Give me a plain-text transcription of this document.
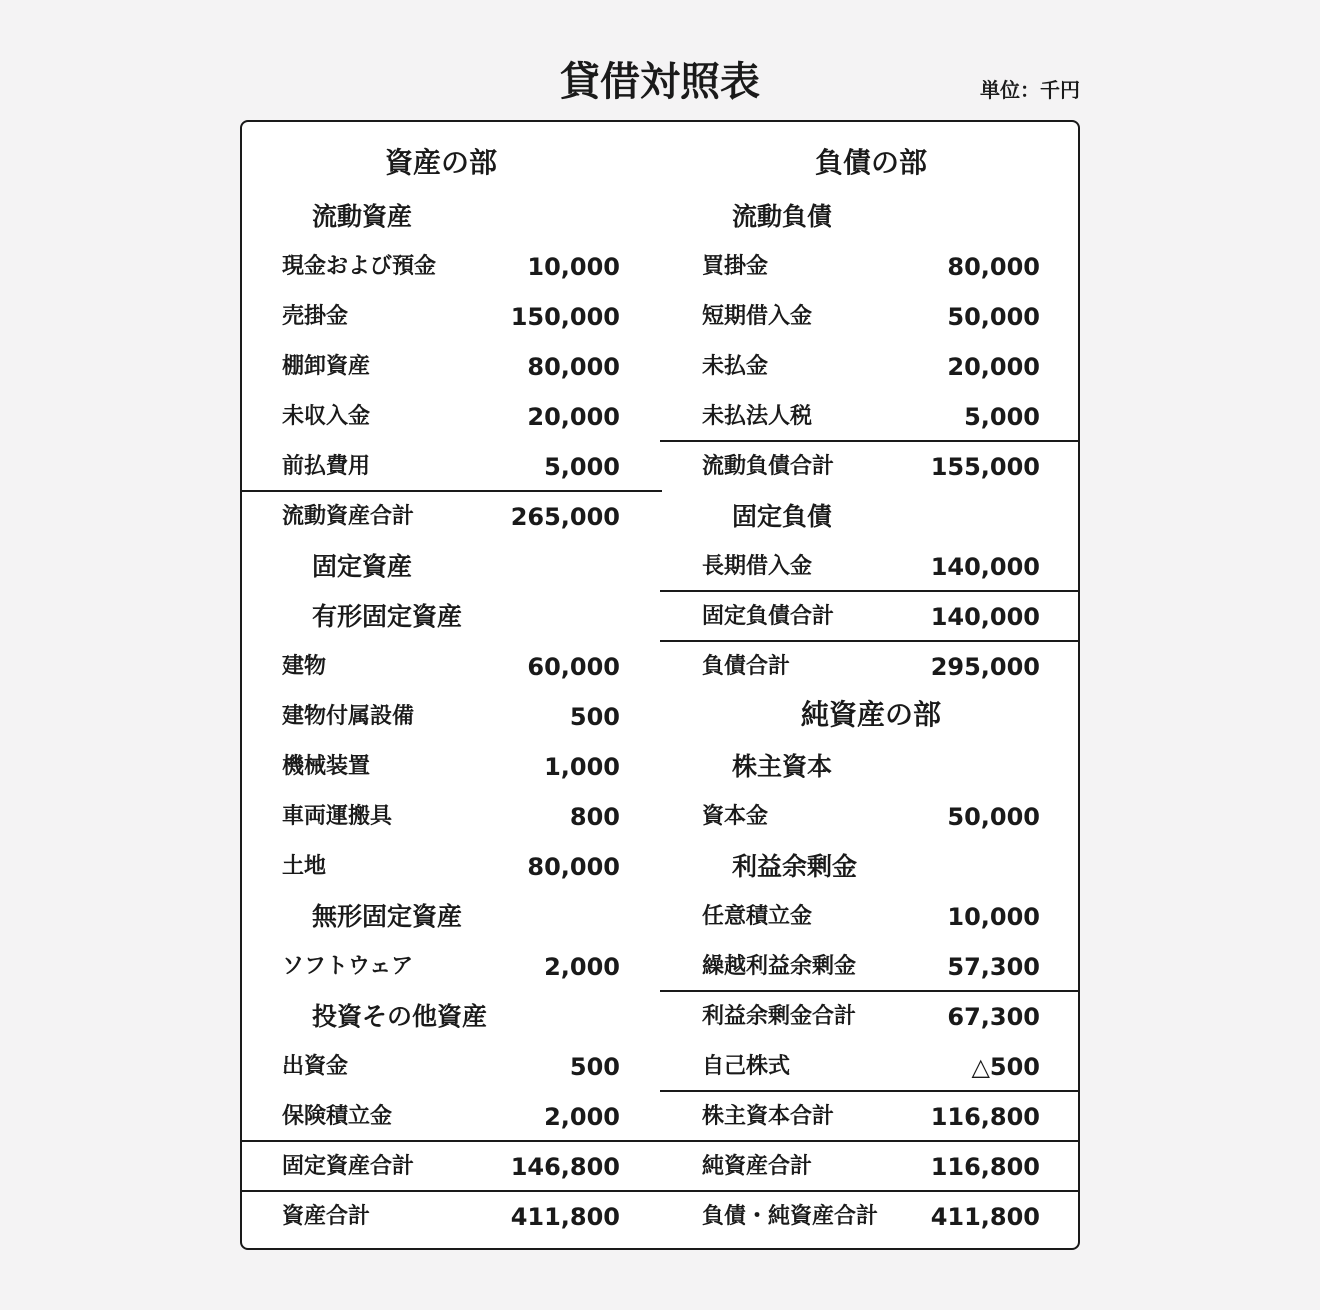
貸借対照表	単位：千円
資産の部
流動資産
現金および預金	10,000
売掛金	150,000
棚卸資産	80,000
未収入金	20,000
前払費用	5,000
流動資産合計	265,000
固定資産
有形固定資産
建物	60,000
建物付属設備	500
機械装置	1,000
車両運搬具	800
土地	80,000
無形固定資産
ソフトウェア	2,000
投資その他資産
出資金	500
保険積立金	2,000
固定資産合計	146,800
資産合計	411,800
負債の部
流動負債
買掛金	80,000
短期借入金	50,000
未払金	20,000
未払法人税	5,000
流動負債合計	155,000
固定負債
長期借入金	140,000
固定負債合計	140,000
負債合計	295,000
純資産の部
株主資本
資本金	50,000
利益余剰金
任意積立金	10,000
繰越利益余剰金	57,300
利益余剰金合計	67,300
自己株式	△500
株主資本合計	116,800
純資産合計	116,800
負債・純資産合計 411,800
